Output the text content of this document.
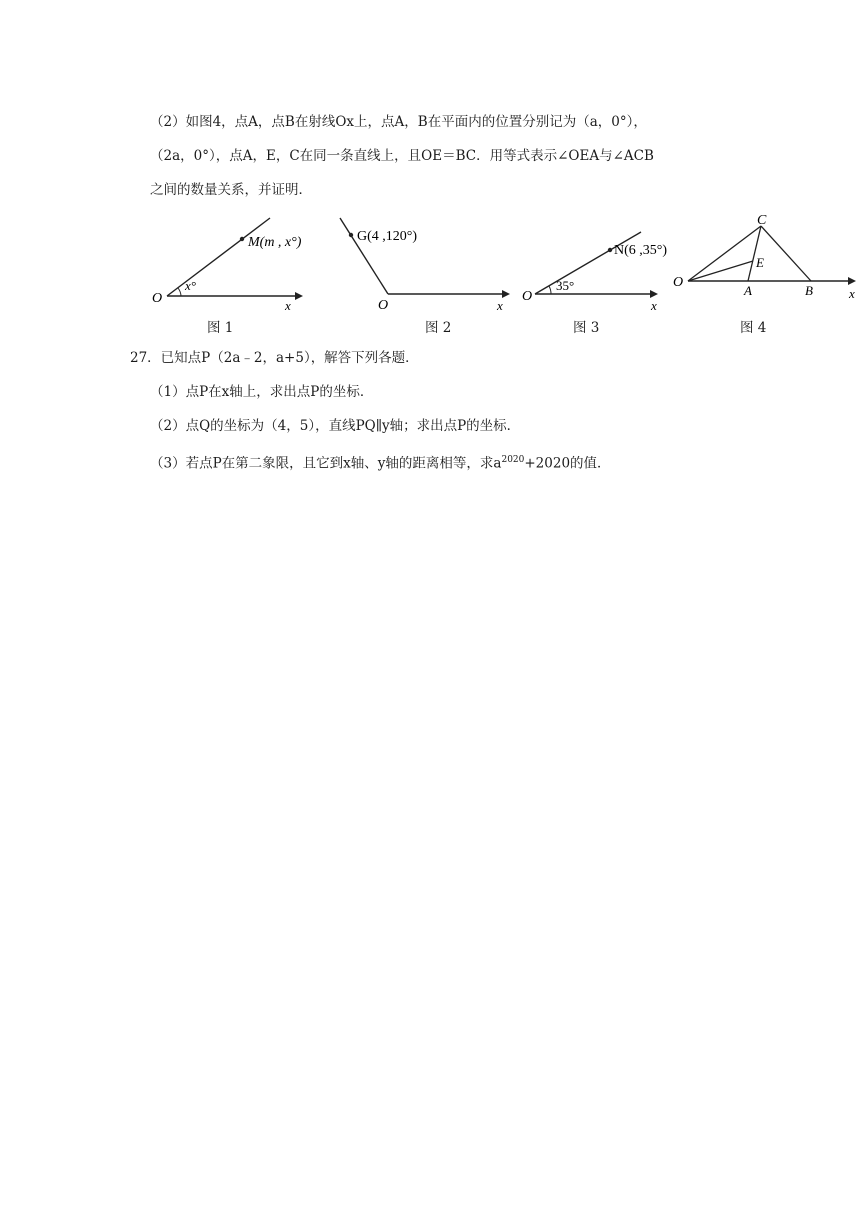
（2）如图4，点A，点B在射线Ox上，点A，B在平面内的位置分别记为（a，0°），
（2a，0°），点A，E，C在同一条直线上，且OE＝BC．用等式表示∠OEA与∠ACB
之间的数量关系，并证明．
M(m , x°)
x°
O	x
图 1
G(4 ,120°)
O	x
图 2
N(6 ,35°)
35°
O
x
图 3
C
E
A	B
O
x
图 4
27．已知点P（2a﹣2，a+5），解答下列各题．
（1）点P在x轴上，求出点P的坐标．
（2）点Q的坐标为（4，5），直线PQ∥y轴；求出点P的坐标．
（3）若点P在第二象限，且它到x轴、y轴的距离相等，求$a^{2020}+2020$的值．
